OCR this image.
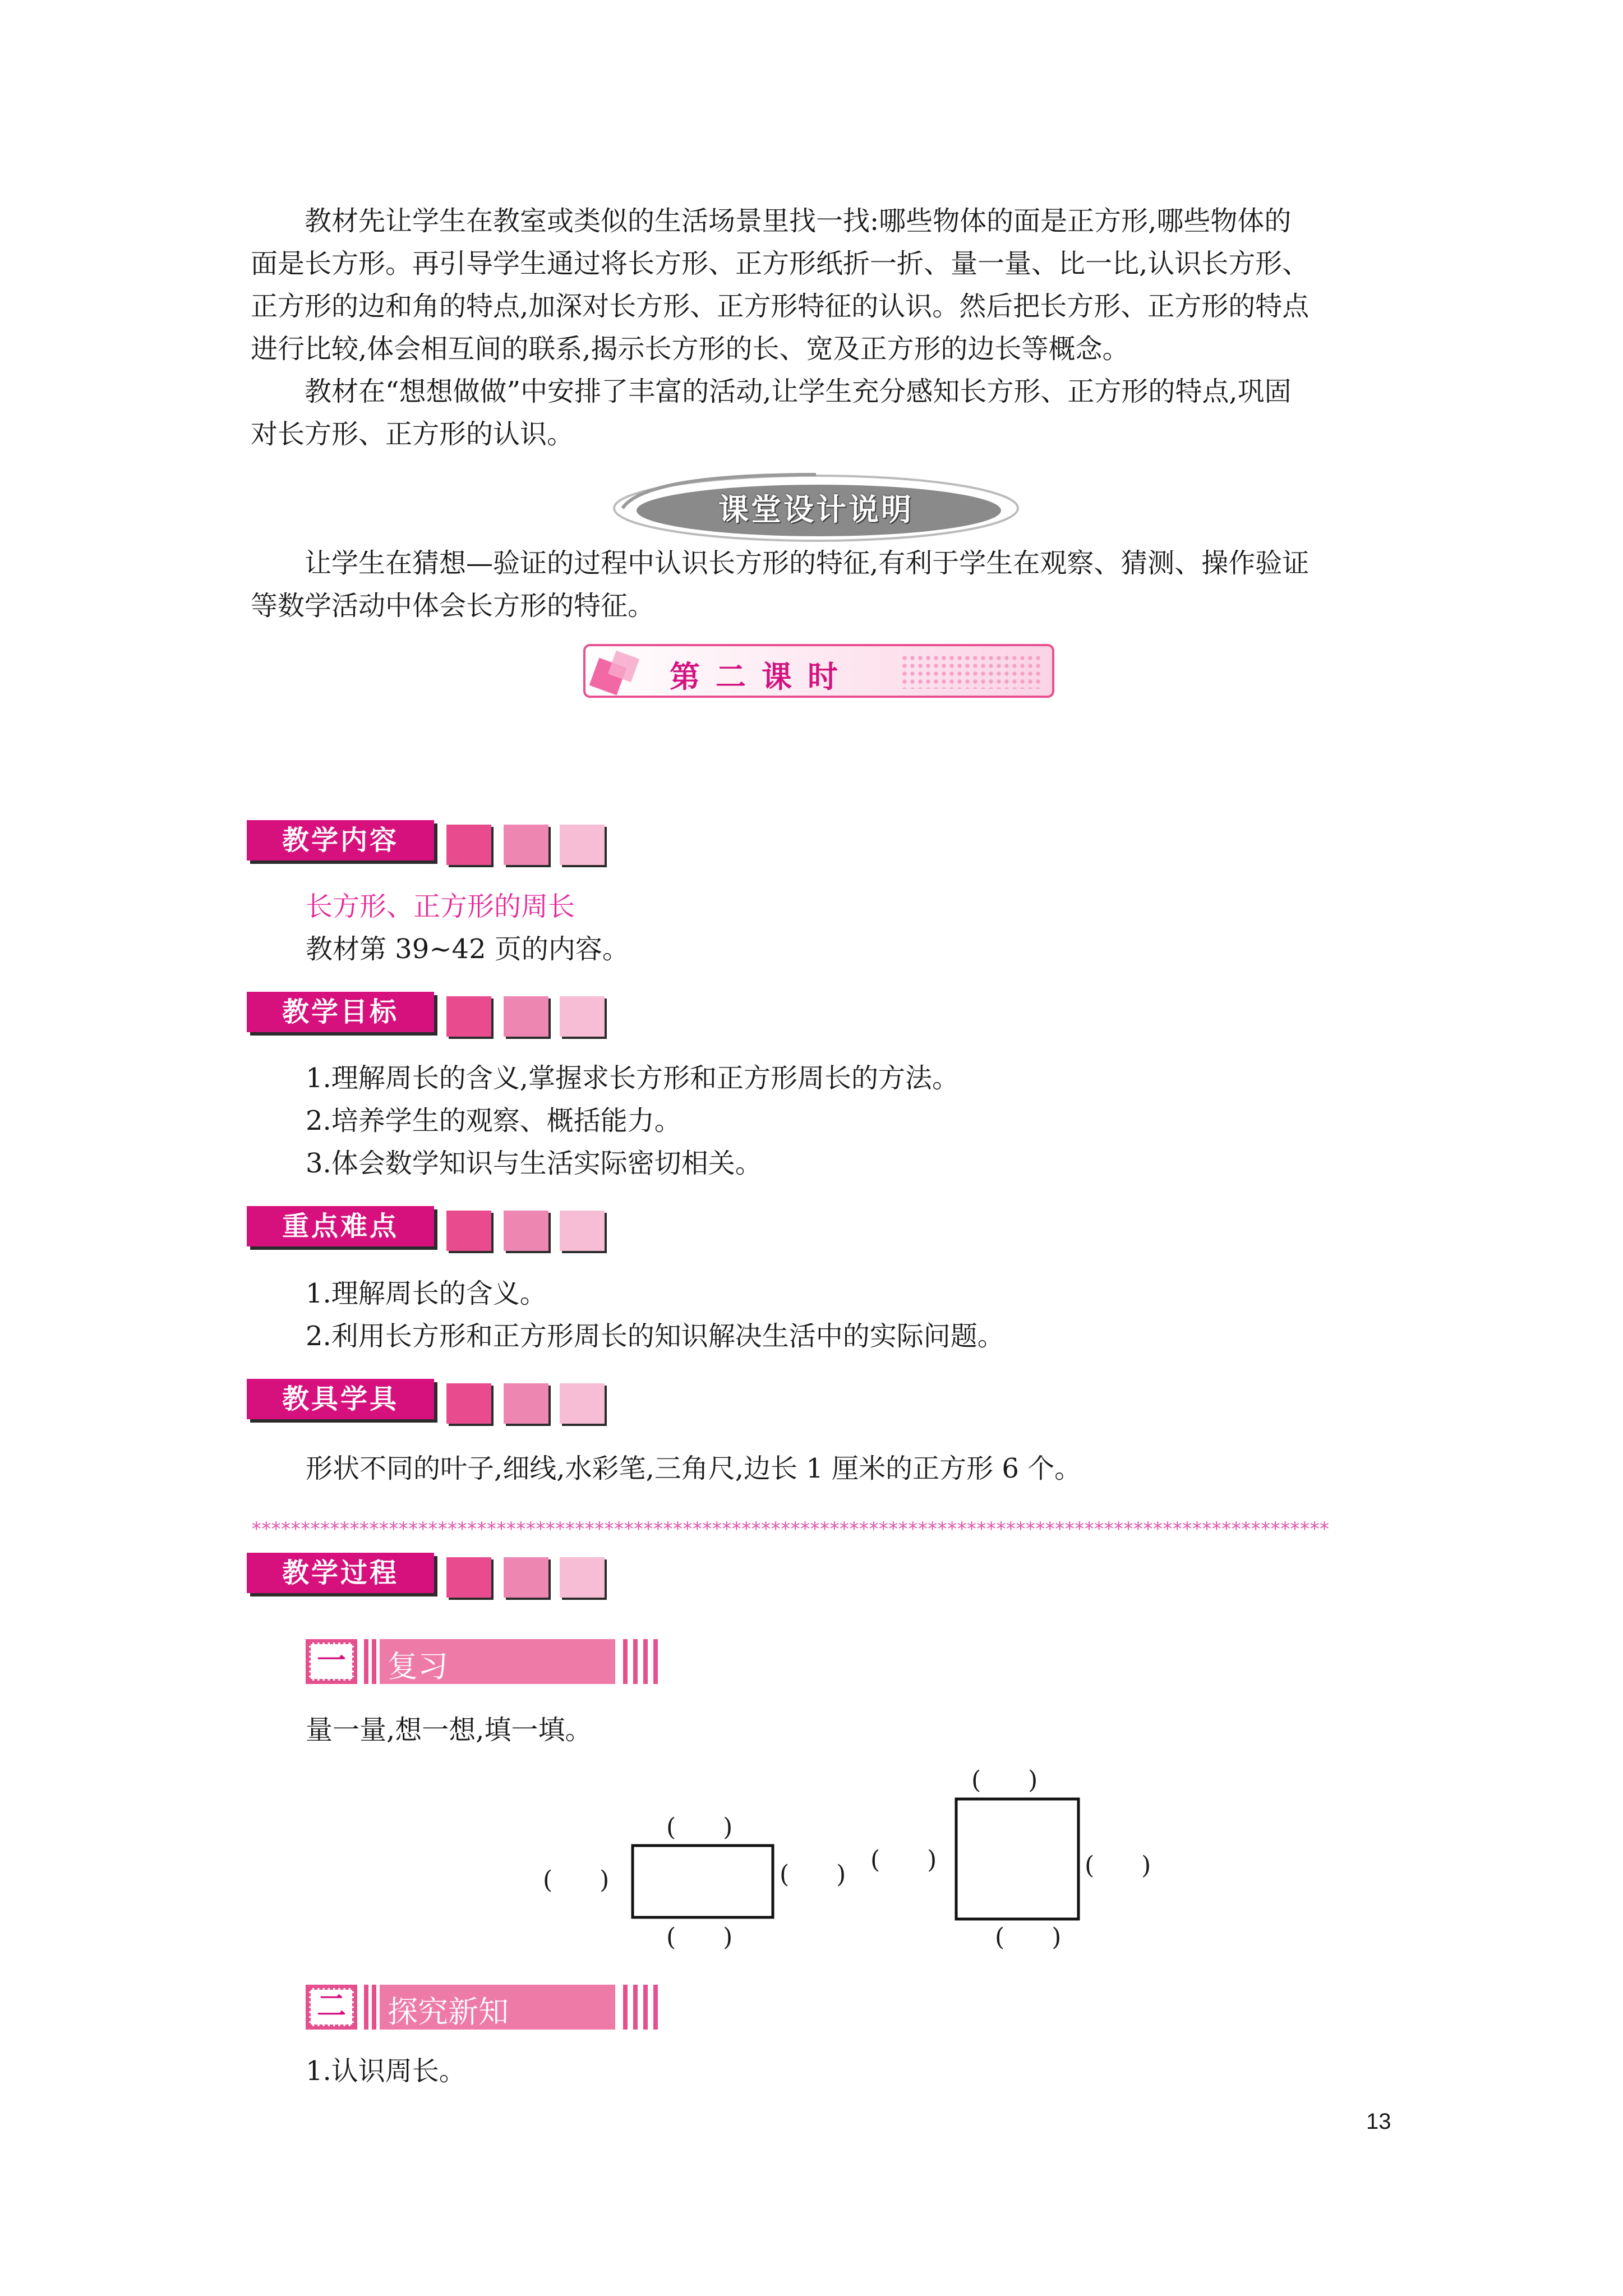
教材先让学生在教室或类似的生活场景里找一找:哪些物体的面是正方形,哪些物体的
面是长方形。再引导学生通过将长方形、正方形纸折一折、量一量、比一比,认识长方形、
正方形的边和角的特点,加深对长方形、正方形特征的认识。然后把长方形、正方形的特点
进行比较,体会相互间的联系,揭示长方形的长、宽及正方形的边长等概念。
教材在“想想做做”中安排了丰富的活动,让学生充分感知长方形、正方形的特点,巩固
对长方形、正方形的认识。
课堂设计说明
让学生在猜想—验证的过程中认识长方形的特征,有利于学生在观察、猜测、操作验证
等数学活动中体会长方形的特征。
第二课时
教学内容
长方形、正方形的周长
教材第 39~42 页的内容。
教学目标
1.理解周长的含义,掌握求长方形和正方形周长的方法。
2.培养学生的观察、概括能力。
3.体会数学知识与生活实际密切相关。
重点难点
1.理解周长的含义。
2.利用长方形和正方形周长的知识解决生活中的实际问题。
教具学具
形状不同的叶子,细线,水彩笔,三角尺,边长 1 厘米的正方形 6 个。
**************************************************************************************************************
教学过程
一 复习
量一量,想一想,填一填。
(      )
(      )	(      )
(      )
(      )
(      )	(      )
(      )
二 探究新知
1.认识周长。
13
